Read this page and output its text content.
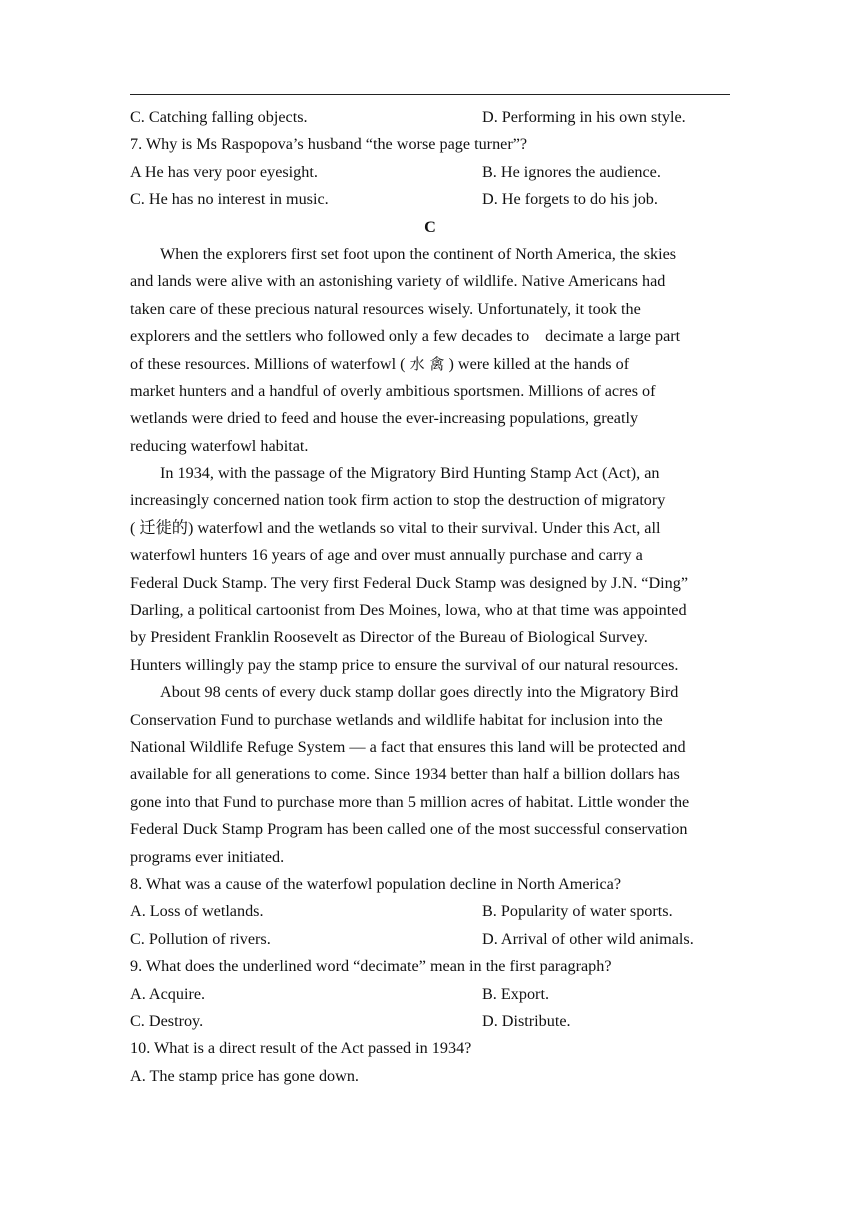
C. Catching falling objects.	D. Performing in his own style.
7. Why is Ms Raspopova’s husband “the worse page turner”?
A He has very poor eyesight.	B. He ignores the audience.
C. He has no interest in music.	D. He forgets to do his job.
C
When the explorers first set foot upon the continent of North America, the skies
and lands were alive with an astonishing variety of wildlife. Native Americans had
taken care of these precious natural resources wisely. Unfortunately, it took the
explorers and the settlers who followed only a few decades to decimate a large part
of these resources. Millions of waterfowl ( 水 禽 ) were killed at the hands of
market hunters and a handful of overly ambitious sportsmen. Millions of acres of
wetlands were dried to feed and house the ever-increasing populations, greatly
reducing waterfowl habitat.
In 1934, with the passage of the Migratory Bird Hunting Stamp Act (Act), an
increasingly concerned nation took firm action to stop the destruction of migratory
( 迁徙的) waterfowl and the wetlands so vital to their survival. Under this Act, all
waterfowl hunters 16 years of age and over must annually purchase and carry a
Federal Duck Stamp. The very first Federal Duck Stamp was designed by J.N. “Ding”
Darling, a political cartoonist from Des Moines, lowa, who at that time was appointed
by President Franklin Roosevelt as Director of the Bureau of Biological Survey.
Hunters willingly pay the stamp price to ensure the survival of our natural resources.
About 98 cents of every duck stamp dollar goes directly into the Migratory Bird
Conservation Fund to purchase wetlands and wildlife habitat for inclusion into the
National Wildlife Refuge System — a fact that ensures this land will be protected and
available for all generations to come. Since 1934 better than half a billion dollars has
gone into that Fund to purchase more than 5 million acres of habitat. Little wonder the
Federal Duck Stamp Program has been called one of the most successful conservation
programs ever initiated.
8. What was a cause of the waterfowl population decline in North America?
A. Loss of wetlands.	B. Popularity of water sports.
C. Pollution of rivers.	D. Arrival of other wild animals.
9. What does the underlined word “decimate” mean in the first paragraph?
A. Acquire.	B. Export.
C. Destroy.	D. Distribute.
10. What is a direct result of the Act passed in 1934?
A. The stamp price has gone down.
